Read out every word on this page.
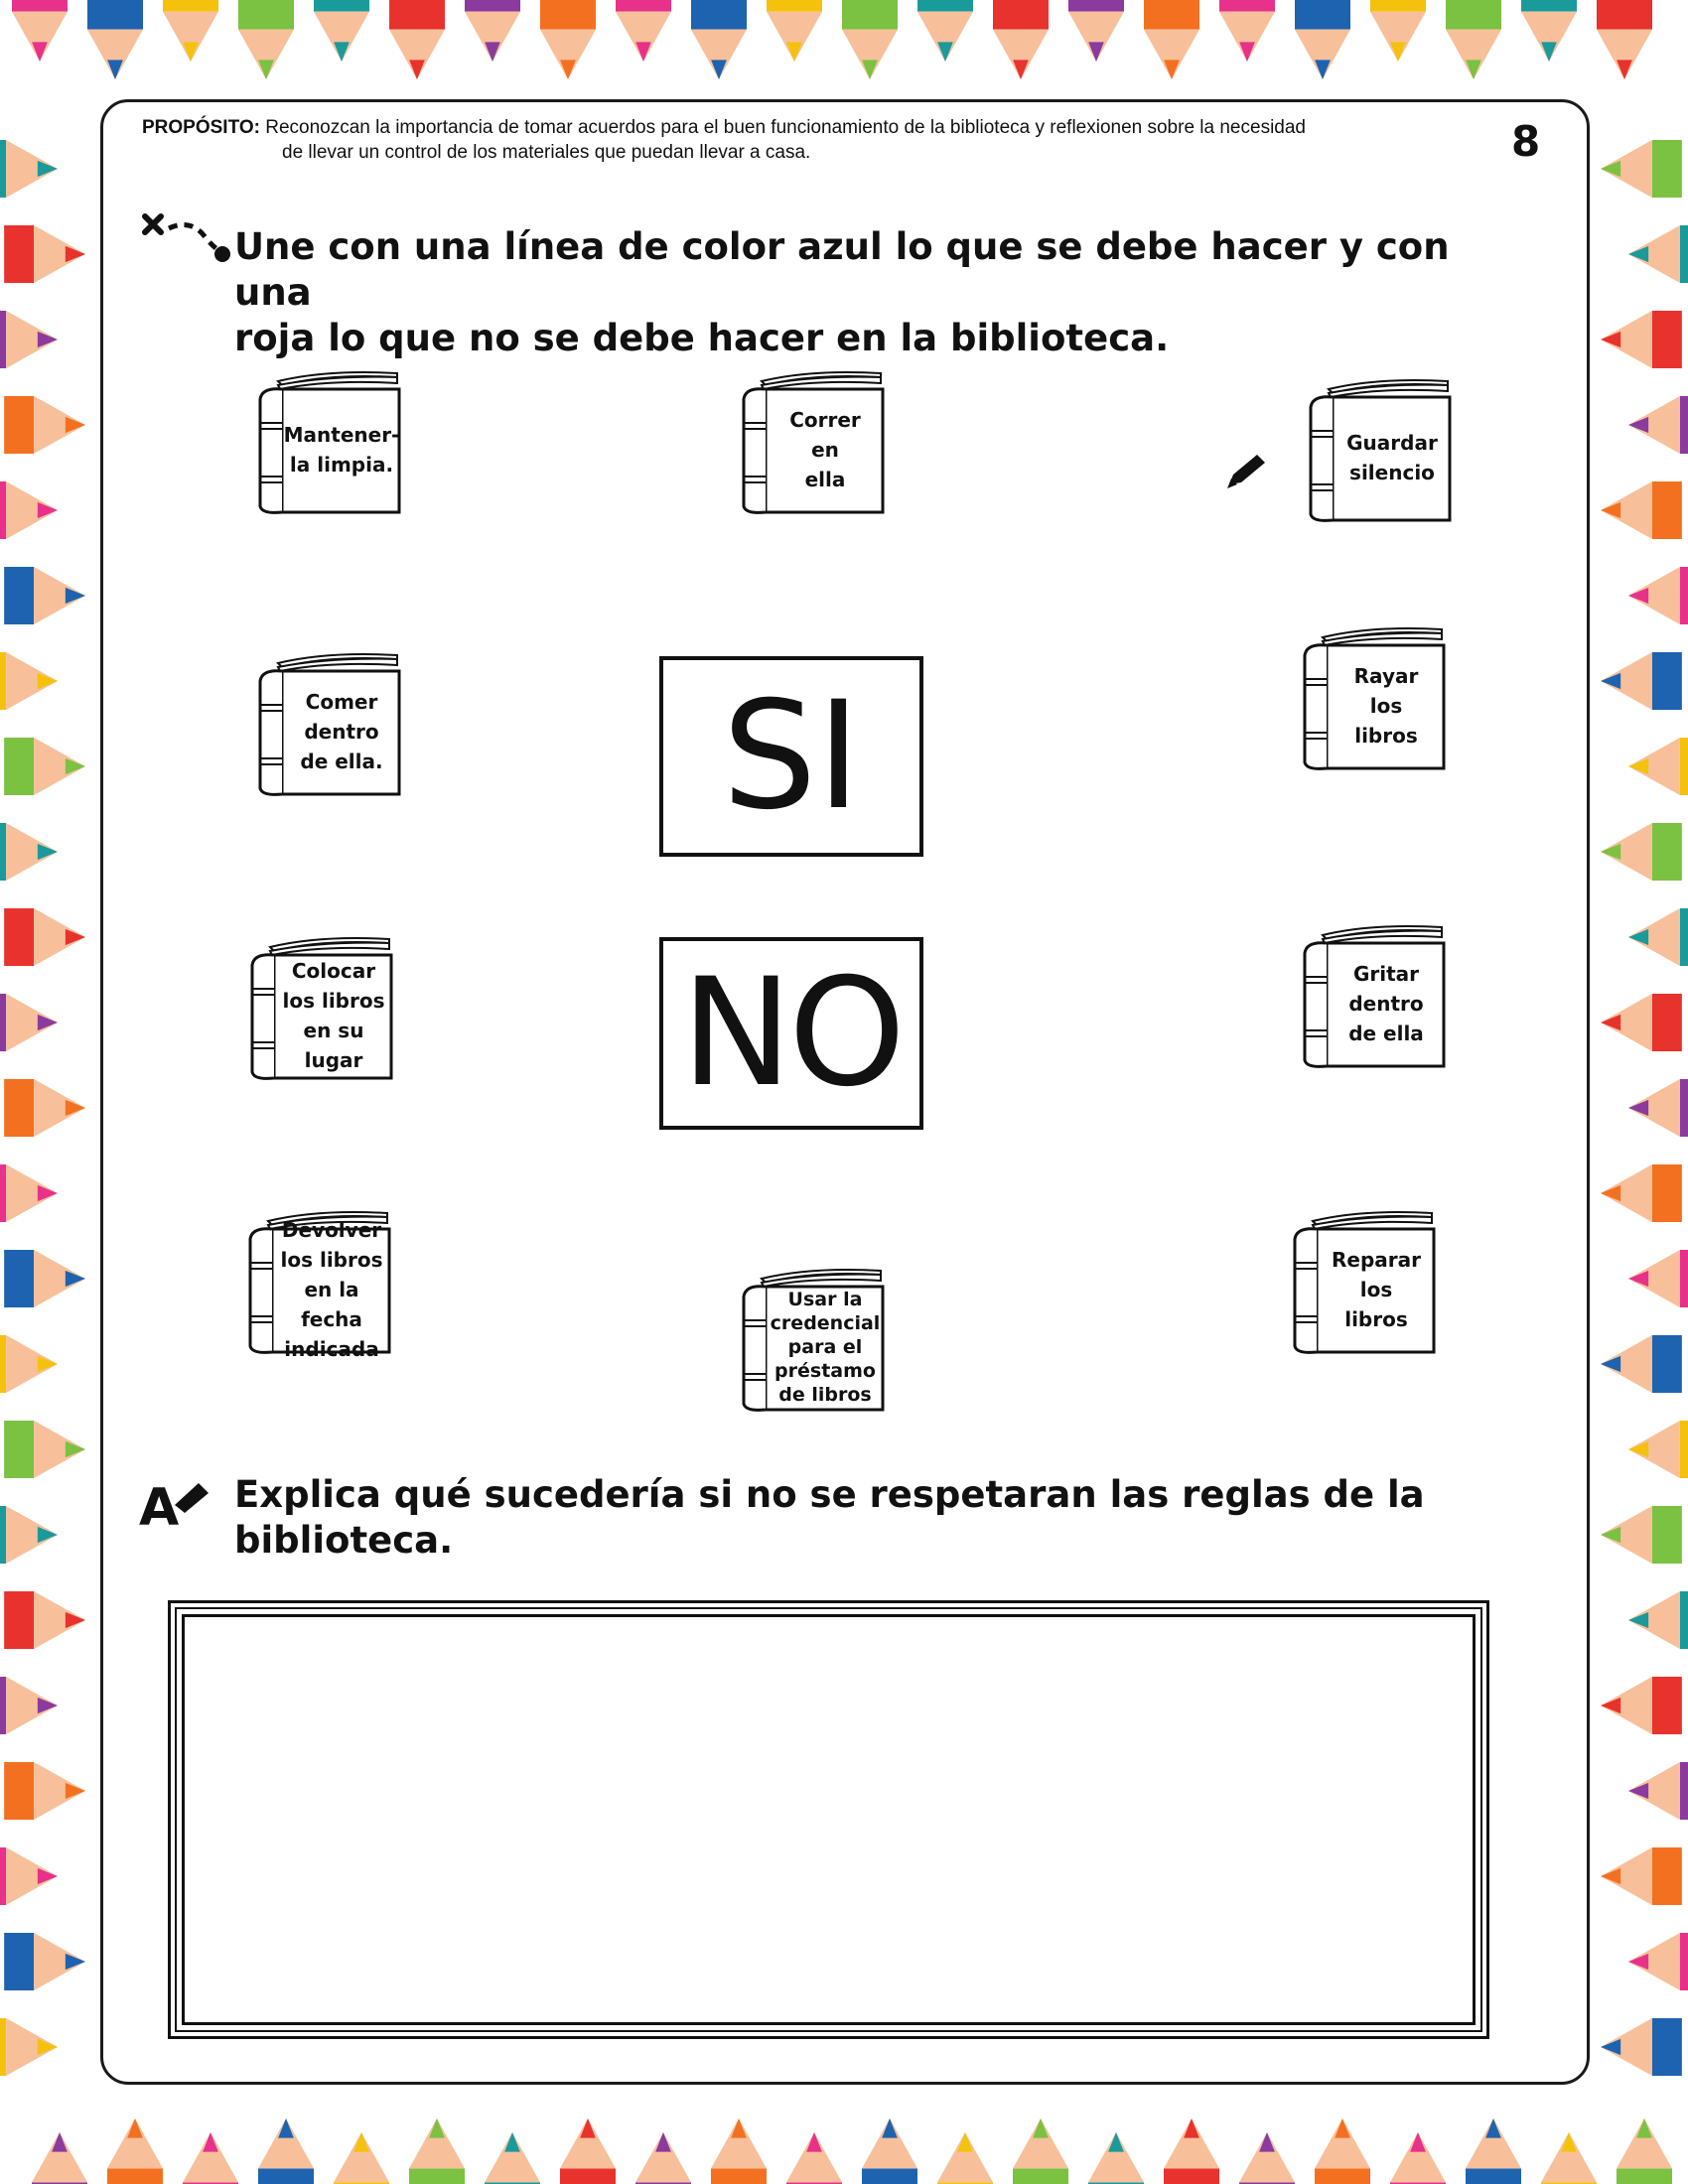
PROPÓSITO: Reconozcan la importancia de tomar acuerdos para el buen funcionamiento de la biblioteca y reflexionen sobre la necesidad
de llevar un control de los materiales que puedan llevar a casa.	8
Une con una línea de color azul lo que se debe hacer y con una
roja lo que no se debe hacer en la biblioteca.
Mantener-
la limpia.
Correr
en
ella
Guardar
silencio
Comer
dentro
de ella.
Rayar
los
libros
Colocar
los libros
en su
lugar
Gritar
dentro
de ella
Devolver
los libros
en la fecha
indicada
Usar la
credencial
para el
préstamo
de libros
Reparar
los
libros
SI
NO
A Explica qué sucedería si no se respetaran las reglas de la
biblioteca.
